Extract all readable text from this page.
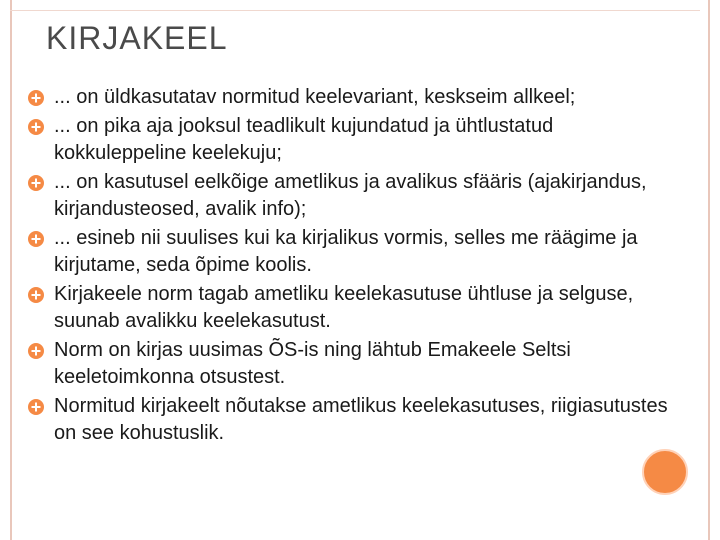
KIRJAKEEL
... on üldkasutatav normitud keelevariant, keskseim allkeel;
... on pika aja jooksul teadlikult kujundatud ja ühtlustatud kokkuleppeline keelekuju;
... on kasutusel eelkõige ametlikus ja avalikus sfääris (ajakirjandus, kirjandusteosed, avalik info);
... esineb nii suulises kui ka kirjalikus vormis, selles me räägime ja kirjutame, seda õpime koolis.
Kirjakeele norm tagab ametliku keelekasutuse ühtluse ja selguse, suunab avalikku keelekasutust.
Norm on kirjas uusimas ÕS-is ning lähtub Emakeele Seltsi keeletoimkonna otsustest.
Normitud kirjakeelt nõutakse ametlikus keelekasutuses, riigiasutustes on see kohustuslik.
